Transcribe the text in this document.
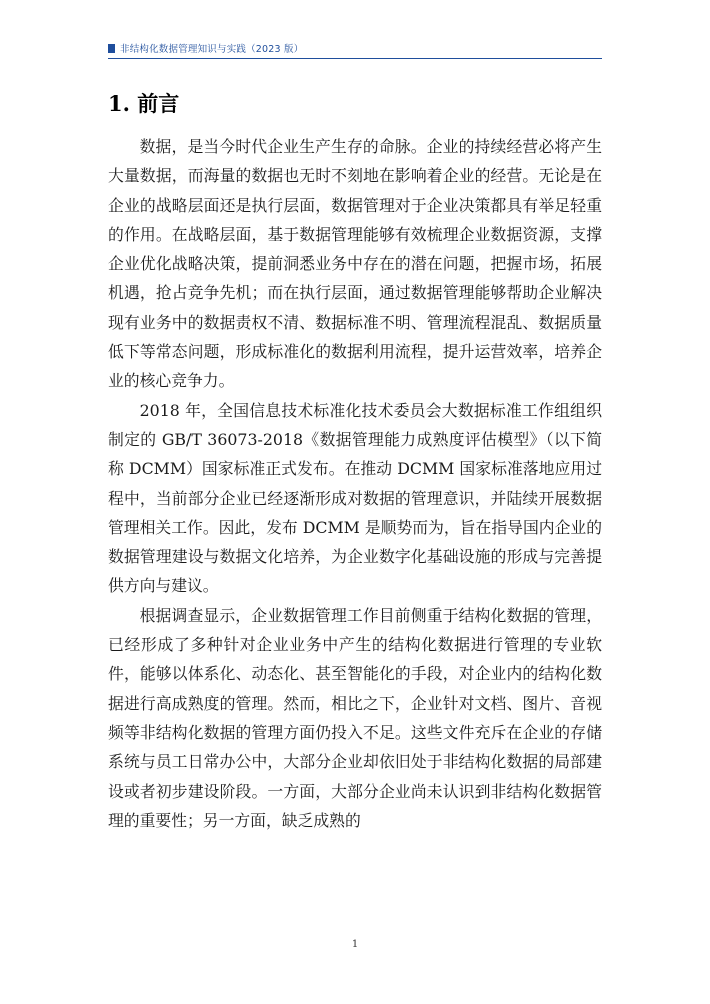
非结构化数据管理知识与实践（2023 版）
1. 前言

数据，是当今时代企业生产生存的命脉。企业的持续经营必将产生大量数据，而海量的数据也无时不刻地在影响着企业的经营。无论是在企业的战略层面还是执行层面，数据管理对于企业决策都具有举足轻重的作用。在战略层面，基于数据管理能够有效梳理企业数据资源，支撑企业优化战略决策，提前洞悉业务中存在的潜在问题，把握市场，拓展机遇，抢占竞争先机；而在执行层面，通过数据管理能够帮助企业解决现有业务中的数据责权不清、数据标准不明、管理流程混乱、数据质量低下等常态问题，形成标准化的数据利用流程，提升运营效率，培养企业的核心竞争力。

2018 年，全国信息技术标准化技术委员会大数据标准工作组组织制定的 GB/T 36073-2018《数据管理能力成熟度评估模型》（以下简称 DCMM）国家标准正式发布。在推动 DCMM 国家标准落地应用过程中，当前部分企业已经逐渐形成对数据的管理意识，并陆续开展数据管理相关工作。因此，发布 DCMM 是顺势而为，旨在指导国内企业的数据管理建设与数据文化培养，为企业数字化基础设施的形成与完善提供方向与建议。

根据调查显示，企业数据管理工作目前侧重于结构化数据的管理，已经形成了多种针对企业业务中产生的结构化数据进行管理的专业软件，能够以体系化、动态化、甚至智能化的手段，对企业内的结构化数据进行高成熟度的管理。然而，相比之下，企业针对文档、图片、音视频等非结构化数据的管理方面仍投入不足。这些文件充斥在企业的存储系统与员工日常办公中，大部分企业却依旧处于非结构化数据的局部建设或者初步建设阶段。一方面，大部分企业尚未认识到非结构化数据管理的重要性；另一方面，缺乏成熟的

1
